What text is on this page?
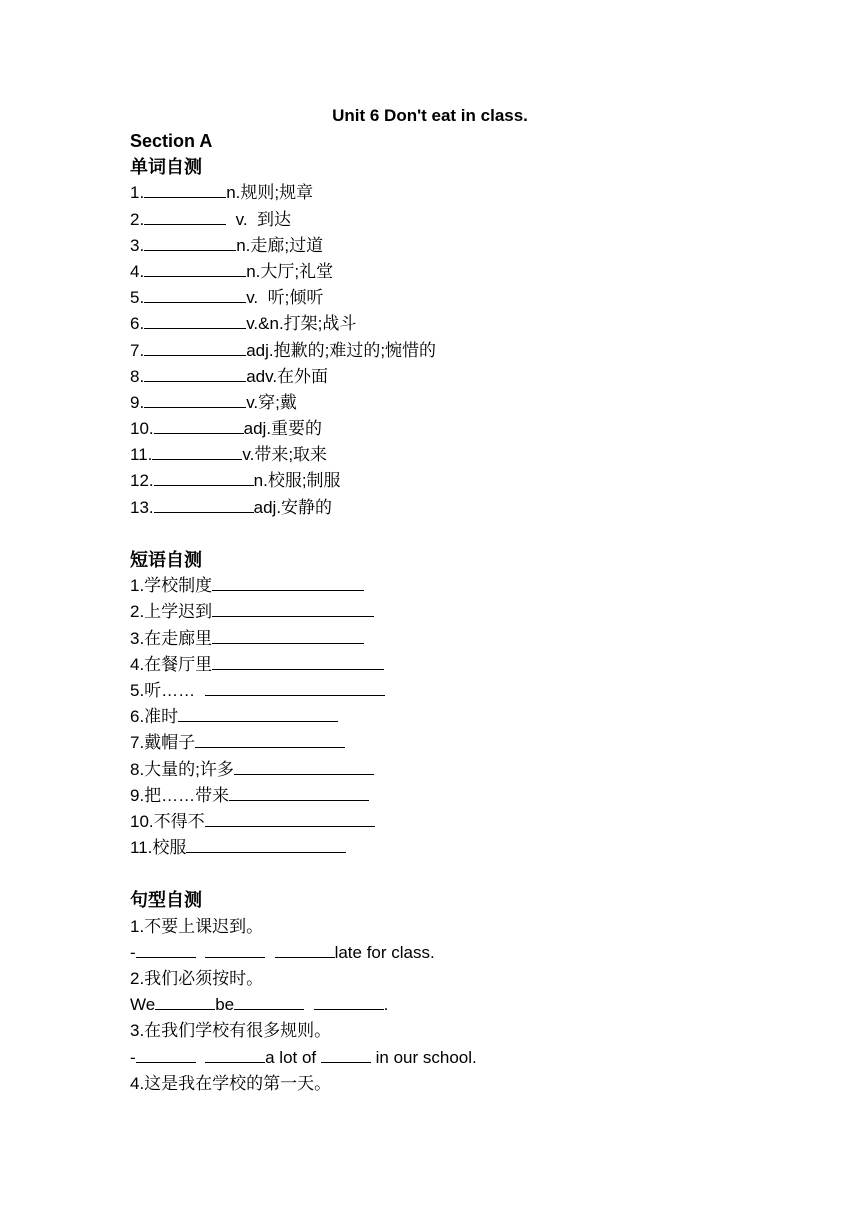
Unit 6 Don't eat in class.
Section A
单词自测
1.	n.规则;规章
2.	v.  到达
3.	n.走廊;过道
4.	n.大厅;礼堂
5.	v.  听;倾听
6.	v.&n.打架;战斗
7.	adj.抱歉的;难过的;惋惜的
8.	adv.在外面
9.	v.穿;戴
10.	adj.重要的
11.	v.带来;取来
12.	n.校服;制服
13.	adj.安静的
短语自测
1.学校制度
2.上学迟到
3.在走廊里
4.在餐厅里
5.听……
6.准时
7.戴帽子
8.大量的;许多
9.把……带来
10.不得不
11.校服
句型自测
1.不要上课迟到。
-	late for class.
2.我们必须按时。
We	be	.
3.在我们学校有很多规则。
-	a lot of	in our school.
4.这是我在学校的第一天。
